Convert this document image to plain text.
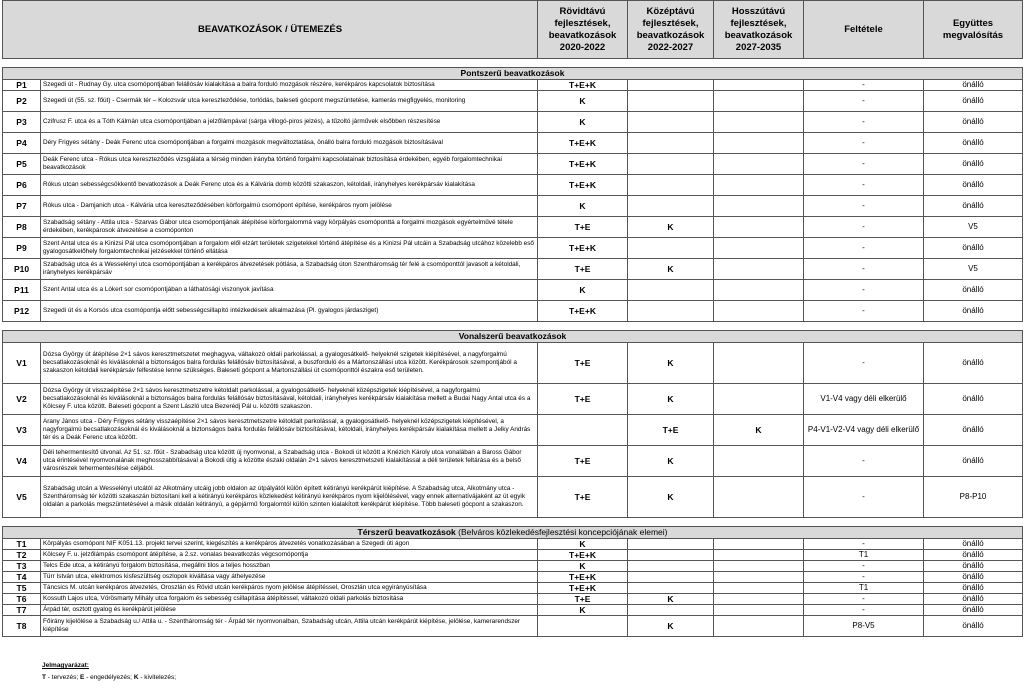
BEAVATKOZÁSOK / ÜTEMEZÉS		Rövidtávú
fejlesztések,
beavatkozások
2020-2022	Középtávú
fejlesztések,
beavatkozások
2022-2027	Hosszútávú
fejlesztések,
beavatkozások
2027-2035	Feltétele	Együttes
megvalósítás

Pontszerű beavatkozások						
P1	Szegedi út - Rudnay Gy. utca csomópontjában felállósáv kialakítása a balra forduló mozgások részére, kerékpáros kapcsolatok biztosítása	T+E+K			-	önálló
P2	Szegedi út (55. sz. főút) - Csermák tér – Kolozsvár utca kereszteződése, torlódás, baleseti gócpont megszüntetése, kamerás megfigyelés, monitoring	K			-	önálló
P3	Czifrusz F. utca és a Tóth Kálmán utca csomópontjában a jelzőlámpával (sárga villogó-piros jelzés), a tűzoltó járművek elsőbben részesítése	K			-	önálló
P4	Déry Frigyes sétány - Deák Ferenc utca csomópontjában a forgalmi mozgások megváltoztatása, önálló balra forduló mozgások biztosításával	T+E+K			-	önálló
P5	Deák Ferenc utca - Rókus utca kereszteződés vizsgálata a térség minden irányba történő forgalmi kapcsolatainak biztosítása érdekében, egyéb forgalomtechnikai beavatkozások	T+E+K			-	önálló
P6	Rókus utcan sebességcsökkentő bevatkozások a Deák Ferenc utca és a Kálvária domb közötti szakaszon, kétoldali, irányhelyes kerékpársáv kialakítása	T+E+K			-	önálló
P7	Rókus utca - Damjanich utca - Kálvária utca kereszteződésében körforgalmú csomópont építése, kerékpáros nyom jelölése	K			-	önálló
P8	Szabadság sétány - Attila utca - Szarvas Gábor utca csomópontjának átépítése körforgalommá vagy körpályás csomóponttá a forgalmi mozgások egyértelművé tétele érdekében, kerékpárosok átvezetése a csomóponton	T+E	K		-	V5
P9	Szent Antal utca és a Kinizsi Pál utca csomópontjában a forgalom elől elzárt területek szigetekkel történő átépítése és a Kinizsi Pál utcáin a Szabadság utcához közelebb eső gyalogosátkelőhely forgalomtechnikai jelzésekkel történő ellátása	T+E+K			-	önálló
P10	Szabadság utca és a Wesselényi utca csomópontjában a kerékpáros átvezetések pótlása, a Szabadság úton Szentháromság tér felé a csomóponttól javasolt a kétoldali, irányhelyes kerékpársáv	T+E	K		-	V5
P11	Szent Antal utca és a Lókert sor csomópontjában a láthatósági viszonyok javítása	K			-	önálló
P12	Szegedi út és a Korsós utca csomópontja előtt sebességcsillapító intézkedések alkalmazása (Pl. gyalogos járdasziget)	T+E+K			-	önálló

Vonalszerű beavatkozások						
V1	Dózsa György út átépítése 2×1 sávos keresztmetszetet meghagyva, váltakozó oldali parkolással, a gyalogosátkelő- helyeknél szigetek kiépítésével, a nagyforgalmú becsatlakozásoknál és kiválásoknál a biztonságos balra fordulás felállósáv biztosításával, a buszforduló és a Mártonszállási utca között. Kerékpárosok szempontjából a szakaszon kétoldali kerékpársáv felfestése lenne szükséges. Baleseti gócpont a Martonszállási út csomóponttól északra eső területen.	T+E	K		-	önálló
V2	Dózsa György út visszaépítése 2×1 sávos keresztmetszetre kétoldalt parkolással, a gyalogosátkelő- helyeknél középszigetek kiépítésével, a nagyforgalmú becsatlakozásoknál és kiválásoknál a biztonságos balra fordulás felállósáv biztosításával, kétoldali, irányhelyes kerékpársáv kialakítása mellett a Budai Nagy Antal utca és a Kölcsey F. utca között. Baleseti gócpont a Szent László utca Bezerédj Pál u. közötti szakaszon.	T+E	K		V1-V4 vagy déli elkerülő	önálló
V3	Arany János utca - Déry Frigyes sétány visszaépítése 2×1 sávos keresztmetszetre kétoldalt parkolással, a gyalogosátkelő- helyeknél középszigetek kiépítésével, a nagyforgalmú becsatlakozásoknál és kiválásoknál a biztonságos balra fordulás felállósáv biztosításával, kétoldali, irányhelyes kerékpársáv kialakítása mellett a Jelky András tér és a Deák Ferenc utca között.		T+E	K	P4-V1-V2-V4 vagy déli elkerülő	önálló
V4	Déli tehermentesítő útvonal. Az 51. sz. főút - Szabadság utca között új nyomvonal, a Szabadság utca - Bokodi út között a Knézich Károly utca vonalában a Baross Gábor utca érintésével nyomvonalának meghosszabbításával a Bokodi útig a közötte északi oldalán 2×1 sávos keresztmetszeti kialakítással a déli területek feltárása és a belső városrészek tehermentesítése céljából.	T+E	K		-	önálló
V5	Szabadság utcán a Wesselényi utcától az Alkotmány utcáig jobb oldalon az útpályától külön épített kétirányú kerékpárút kiépítése. A Szabadság utca, Alkotmány utca - Szentháromság tér közötti szakaszán biztosítani kell a kétirányú kerékpáros közlekedést kétirányú kerékpáros nyom kijelölésével, vagy ennek alternatívájaként az út egyik oldalán a parkolás megszüntetésével a másik oldalán kétirányú, a gépjármű forgalomtól külön szinten kialakított kerékpárút kiépítése. Több baleseti gócpont a szakaszon.	T+E	K		-	P8-P10

Térszerű beavatkozások (Belváros közlekedésfejlesztési koncepciójának elemei)						
T1	Körpályás csomópont NIF K051.13. projekt tervei szerint, kiegészítés a kerékpáros átvezetés vonatkozásában a Szegedi úti ágon	K			-	önálló
T2	Kölcsey F. u. jelzőlámpás csomópont átépítése, a 2.sz. vonalas beavatkozás végcsomópontja	T+E+K			T1	önálló
T3	Telcs Ede utca, a kétirányú forgalom biztosítása, megállni tilos a teljes hosszban	K			-	önálló
T4	Türr István utca, elektromos kisfeszültség oszlopok kiváltása vagy áthelyezése	T+E+K			-	önálló
T5	Táncsics M. utcán kerékpáros átvezetés, Oroszlán és Rövid utcán kerékpáros nyom jelölése átépítéssel, Oroszlán utca egyirányúsítása	T+E+K			T1	önálló
T6	Kossuth Lajos utca, Vörösmarty Mihály utca forgalom és sebesség csillapítása átépítéssel, váltakozó oldali parkolás biztosítása	T+E	K		-	önálló
T7	Árpád tér, osztott gyalog és kerékpárút jelölése	K			-	önálló
T8	Főirány kijelölése a Szabadság u./ Attila u. - Szentháromság tér - Árpád tér nyomvonalban, Szabadság utcán, Attila utcán kerékpárút kiépítése, jelölése, kamerarendszer kiépítése		K		P8-V5	önálló
Jelmagyarázat:
T - tervezés; E - engedélyezés; K - kivitelezés;
